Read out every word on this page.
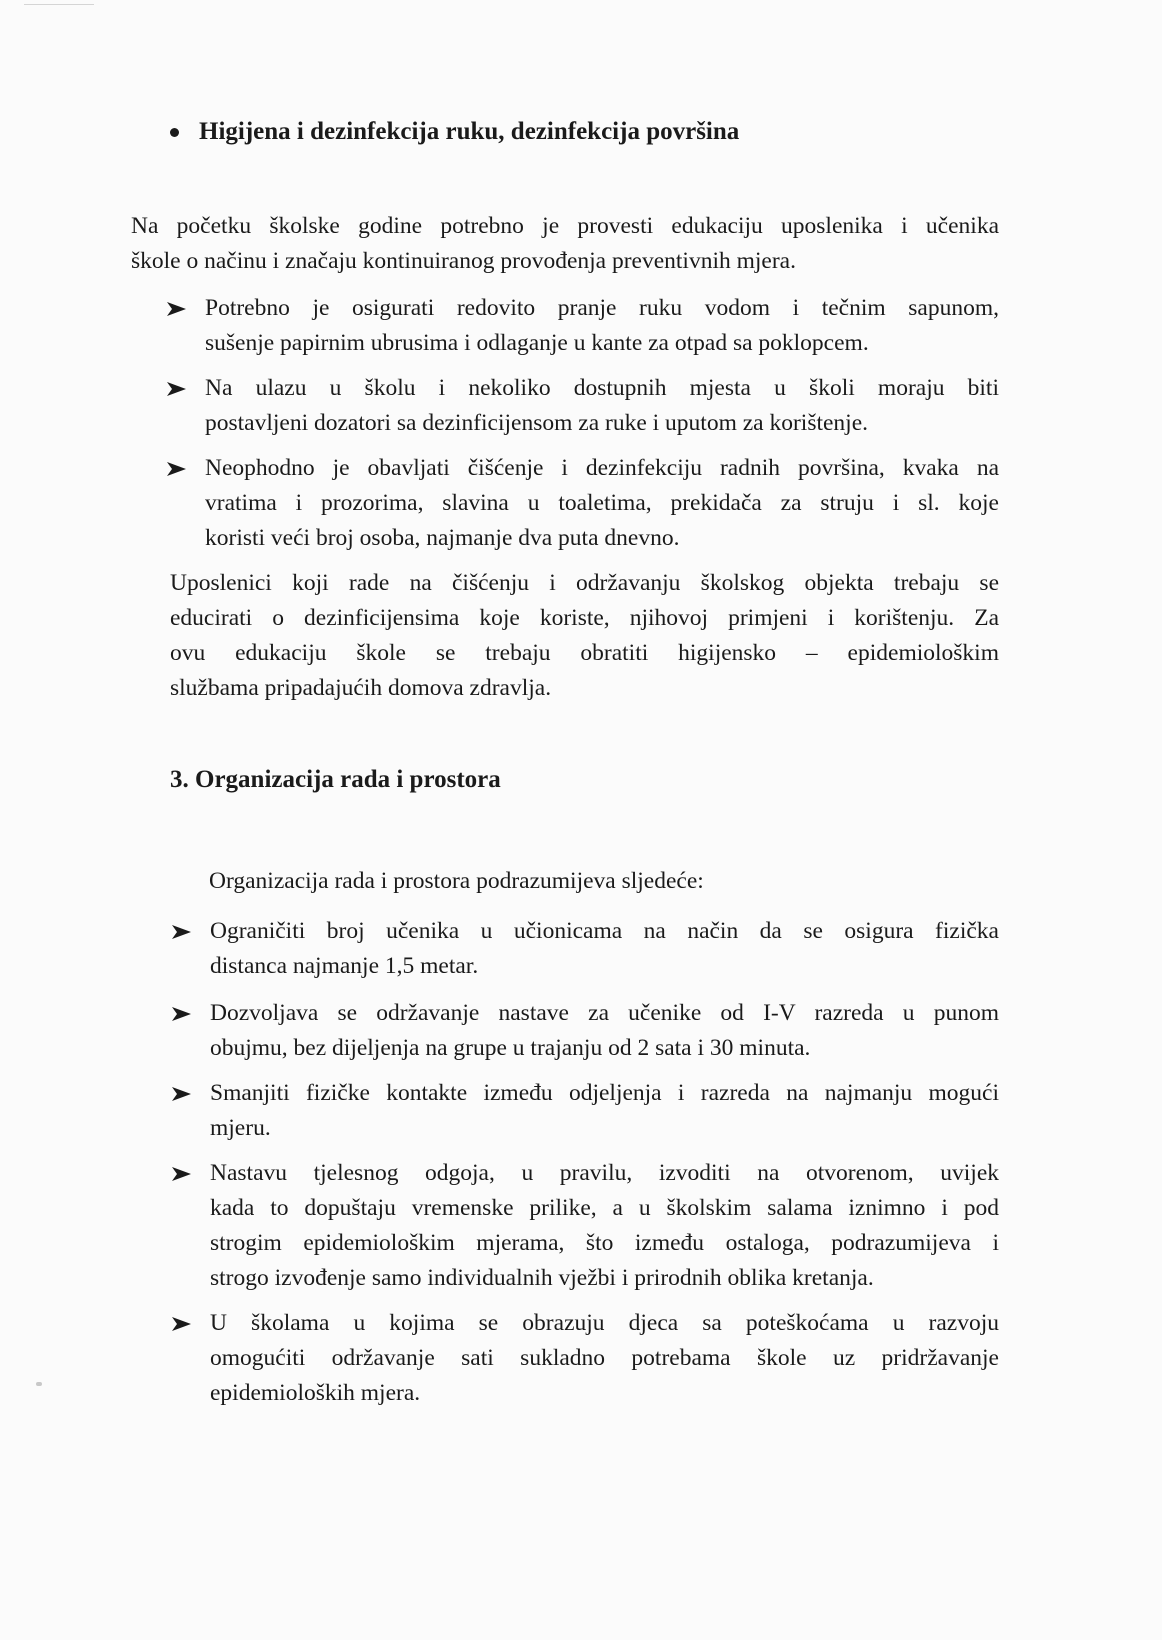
Higijena i dezinfekcija ruku, dezinfekcija površina
Na početku školske godine potrebno je provesti edukaciju uposlenika i učenika
škole o načinu i značaju kontinuiranog provođenja preventivnih mjera.
Potrebno je osigurati redovito pranje ruku vodom i tečnim sapunom,
sušenje papirnim ubrusima i odlaganje u kante za otpad sa poklopcem.
Na ulazu u školu i nekoliko dostupnih mjesta u školi moraju biti
postavljeni dozatori sa dezinficijensom za ruke i uputom za korištenje.
Neophodno je obavljati čišćenje i dezinfekciju radnih površina, kvaka na
vratima i prozorima, slavina u toaletima, prekidača za struju i sl. koje
koristi veći broj osoba, najmanje dva puta dnevno.
Uposlenici koji rade na čišćenju i održavanju školskog objekta trebaju se
educirati o dezinficijensima koje koriste, njihovoj primjeni i korištenju. Za
ovu edukaciju škole se trebaju obratiti higijensko – epidemiološkim
službama pripadajućih domova zdravlja.
3. Organizacija rada i prostora
Organizacija rada i prostora podrazumijeva sljedeće:
Ograničiti broj učenika u učionicama na način da se osigura fizička
distanca najmanje 1,5 metar.
Dozvoljava se održavanje nastave za učenike od I-V razreda u punom
obujmu, bez dijeljenja na grupe u trajanju od 2 sata i 30 minuta.
Smanjiti fizičke kontakte između odjeljenja i razreda na najmanju mogući
mjeru.
Nastavu tjelesnog odgoja, u pravilu, izvoditi na otvorenom, uvijek
kada to dopuštaju vremenske prilike, a u školskim salama iznimno i pod
strogim epidemiološkim mjerama, što između ostaloga, podrazumijeva i
strogo izvođenje samo individualnih vježbi i prirodnih oblika kretanja.
U školama u kojima se obrazuju djeca sa poteškoćama u razvoju
omogućiti održavanje sati sukladno potrebama škole uz pridržavanje
epidemioloških mjera.
